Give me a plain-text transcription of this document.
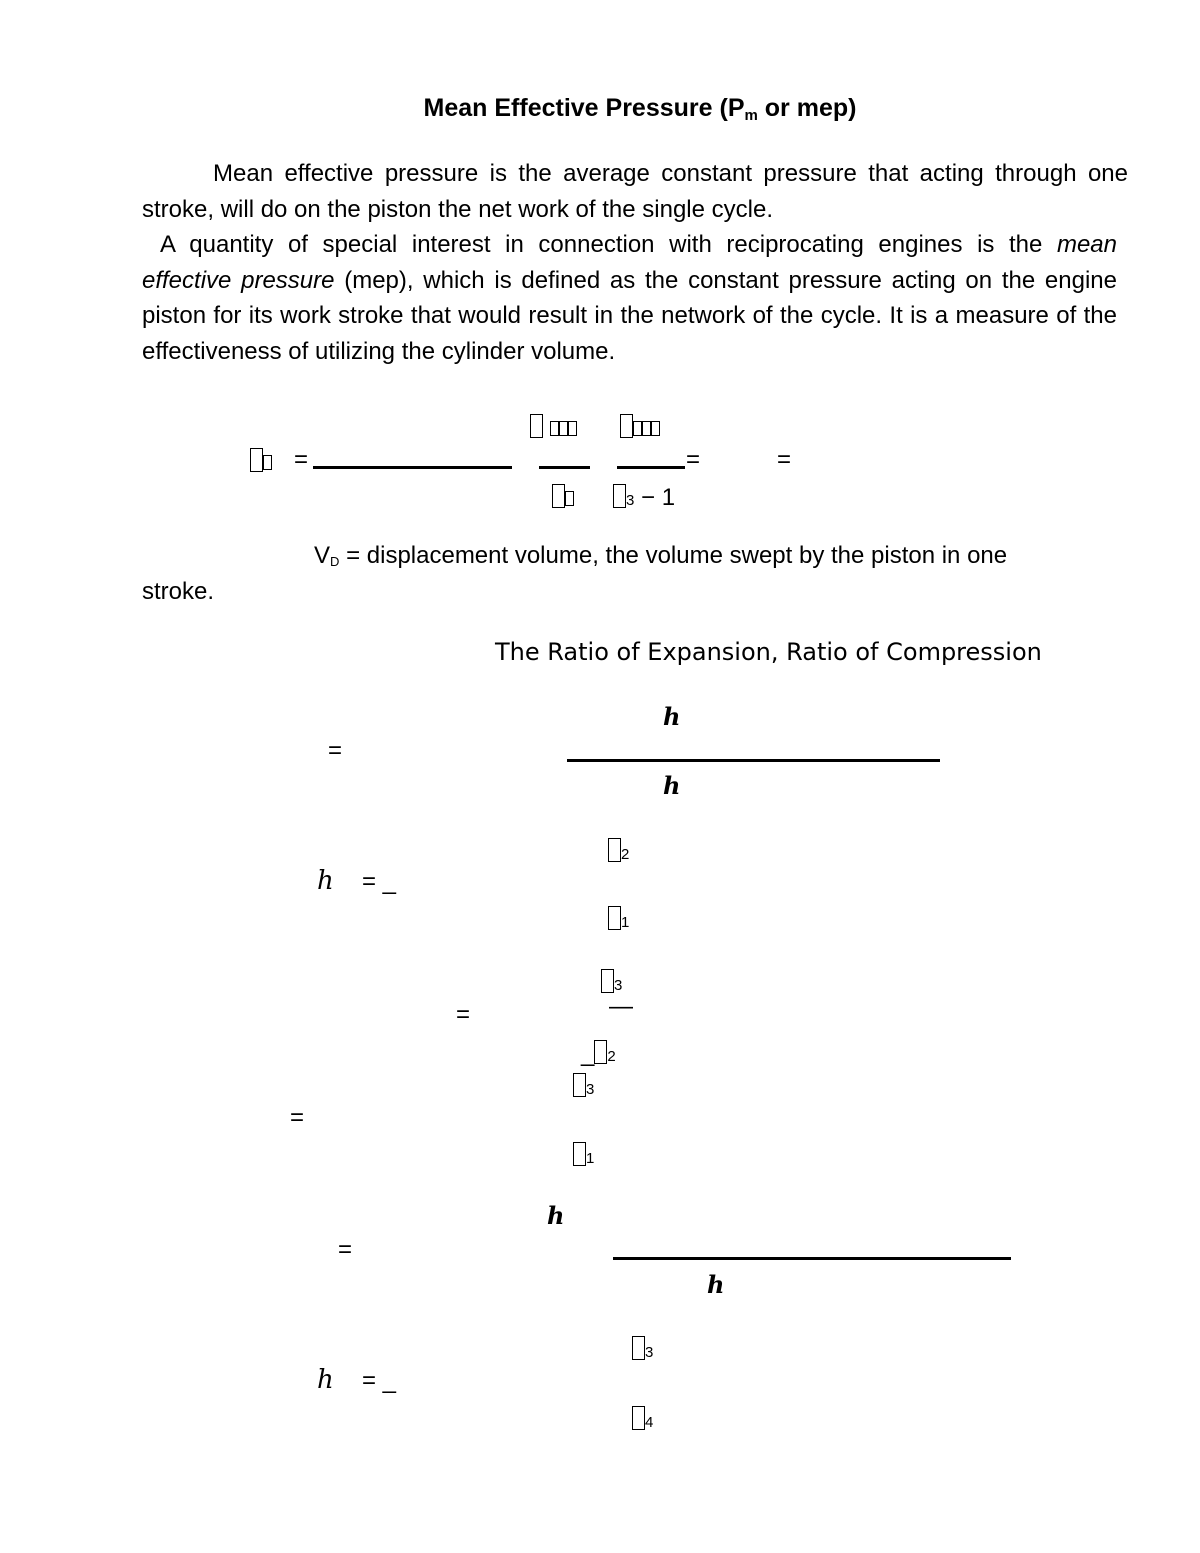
Mean Effective Pressure ($P_m$ or mep)
Mean effective pressure is the average constant pressure that acting through one stroke, will do on the piston the net work of the single cycle.
A quantity of special interest in connection with reciprocating engines is the mean effective pressure (mep), which is defined as the constant pressure acting on the engine piston for its work stroke that would result in the network of the cycle. It is a measure of the effectiveness of utilizing the cylinder volume.
=
	=
3 − 1
=
$V_D$ = displacement volume, the volume swept by the piston in one
stroke.
The Ratio of Expansion, Ratio of Compression
h
=
h
2
h = _
1
3
—
=
_ 2
3
=
1
h
=
h
3
h = _
4
